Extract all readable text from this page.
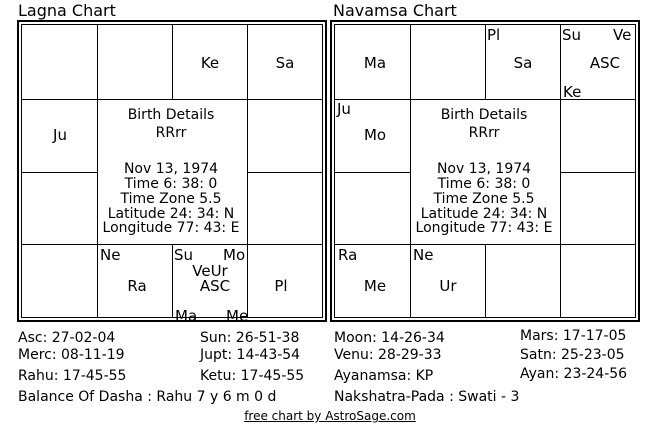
Lagna Chart	Navamsa Chart
Ke	Sa
Ju
Ne
Ra
Su Mo
VeUr
ASC
Ma Me
Pl
Birth Details
RRrr
Nov 13, 1974
Time 6: 38: 0
Time Zone 5.5
Latitude 24: 34: N
Longitude 77: 43: E
Ma
Pl
Sa
Su Ve
ASC
Ke
Ju
Mo
Ra
Me
Ne
Ur
Birth Details
RRrr
Nov 13, 1974
Time 6: 38: 0
Time Zone 5.5
Latitude 24: 34: N
Longitude 77: 43: E
Asc: 27-02-04	Sun: 26-51-38 Moon: 14-26-34	Mars: 17-17-05
Merc: 08-11-19	Jupt: 14-43-54 Venu: 28-29-33	Satn: 25-23-05
Rahu: 17-45-55	Ketu: 17-45-55 Ayanamsa: KP	Ayan: 23-24-56
Balance Of Dasha : Rahu 7 y 6 m 0 d	Nakshatra-Pada : Swati - 3
free chart by AstroSage.com
